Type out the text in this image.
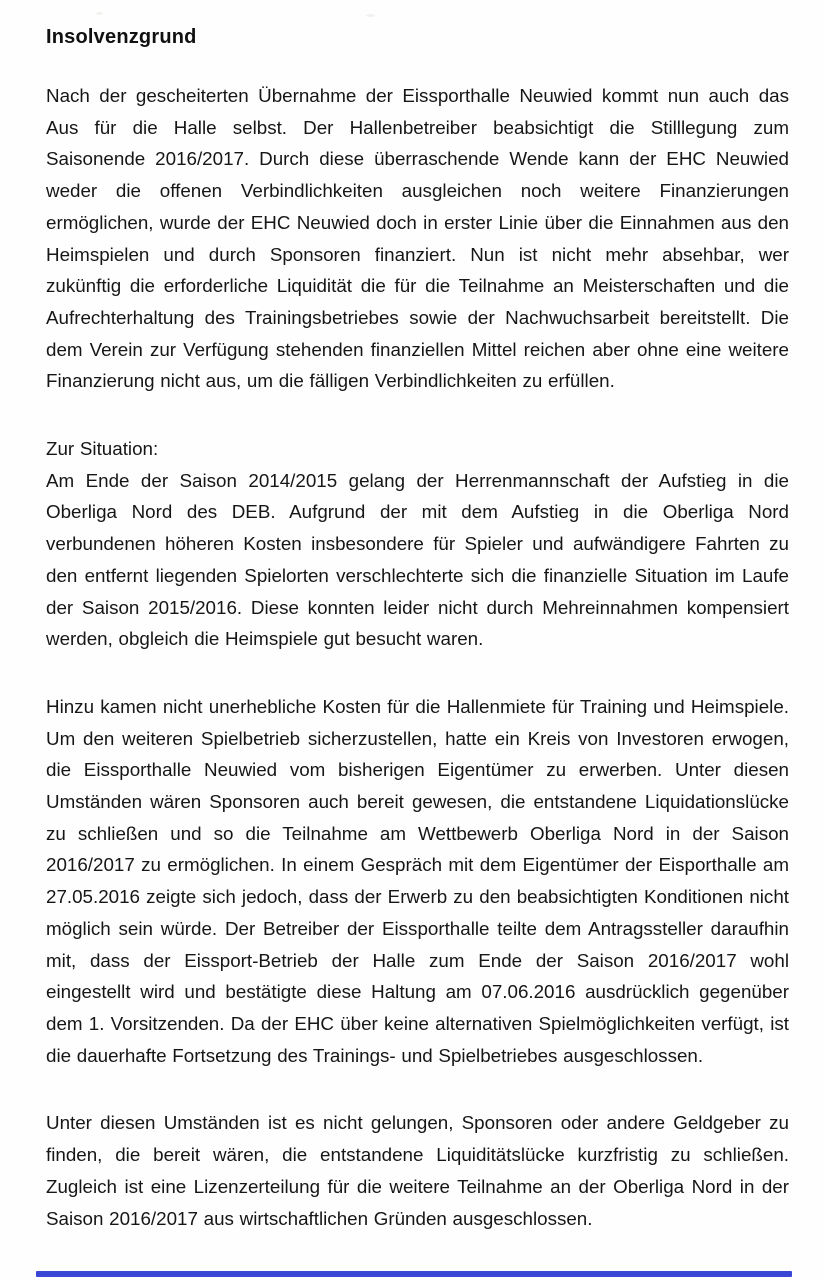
Insolvenzgrund
Nach der gescheiterten Übernahme der Eissporthalle Neuwied kommt nun auch das
Aus für die Halle selbst. Der Hallenbetreiber beabsichtigt die Stilllegung zum
Saisonende 2016/2017. Durch diese überraschende Wende kann der EHC Neuwied
weder die offenen Verbindlichkeiten ausgleichen noch weitere Finanzierungen
ermöglichen, wurde der EHC Neuwied doch in erster Linie über die Einnahmen aus den
Heimspielen und durch Sponsoren finanziert. Nun ist nicht mehr absehbar, wer
zukünftig die erforderliche Liquidität die für die Teilnahme an Meisterschaften und die
Aufrechterhaltung des Trainingsbetriebes sowie der Nachwuchsarbeit bereitstellt. Die
dem Verein zur Verfügung stehenden finanziellen Mittel reichen aber ohne eine weitere
Finanzierung nicht aus, um die fälligen Verbindlichkeiten zu erfüllen.
Zur Situation:
Am Ende der Saison 2014/2015 gelang der Herrenmannschaft der Aufstieg in die
Oberliga Nord des DEB. Aufgrund der mit dem Aufstieg in die Oberliga Nord
verbundenen höheren Kosten insbesondere für Spieler und aufwändigere Fahrten zu
den entfernt liegenden Spielorten verschlechterte sich die finanzielle Situation im Laufe
der Saison 2015/2016. Diese konnten leider nicht durch Mehreinnahmen kompensiert
werden, obgleich die Heimspiele gut besucht waren.
Hinzu kamen nicht unerhebliche Kosten für die Hallenmiete für Training und Heimspiele.
Um den weiteren Spielbetrieb sicherzustellen, hatte ein Kreis von Investoren erwogen,
die Eissporthalle Neuwied vom bisherigen Eigentümer zu erwerben. Unter diesen
Umständen wären Sponsoren auch bereit gewesen, die entstandene Liquidationslücke
zu schließen und so die Teilnahme am Wettbewerb Oberliga Nord in der Saison
2016/2017 zu ermöglichen. In einem Gespräch mit dem Eigentümer der Eisporthalle am
27.05.2016 zeigte sich jedoch, dass der Erwerb zu den beabsichtigten Konditionen nicht
möglich sein würde. Der Betreiber der Eissporthalle teilte dem Antragssteller daraufhin
mit, dass der Eissport-Betrieb der Halle zum Ende der Saison 2016/2017 wohl
eingestellt wird und bestätigte diese Haltung am 07.06.2016 ausdrücklich gegenüber
dem 1. Vorsitzenden. Da der EHC über keine alternativen Spielmöglichkeiten verfügt, ist
die dauerhafte Fortsetzung des Trainings- und Spielbetriebes ausgeschlossen.
Unter diesen Umständen ist es nicht gelungen, Sponsoren oder andere Geldgeber zu
finden, die bereit wären, die entstandene Liquiditätslücke kurzfristig zu schließen.
Zugleich ist eine Lizenzerteilung für die weitere Teilnahme an der Oberliga Nord in der
Saison 2016/2017 aus wirtschaftlichen Gründen ausgeschlossen.
